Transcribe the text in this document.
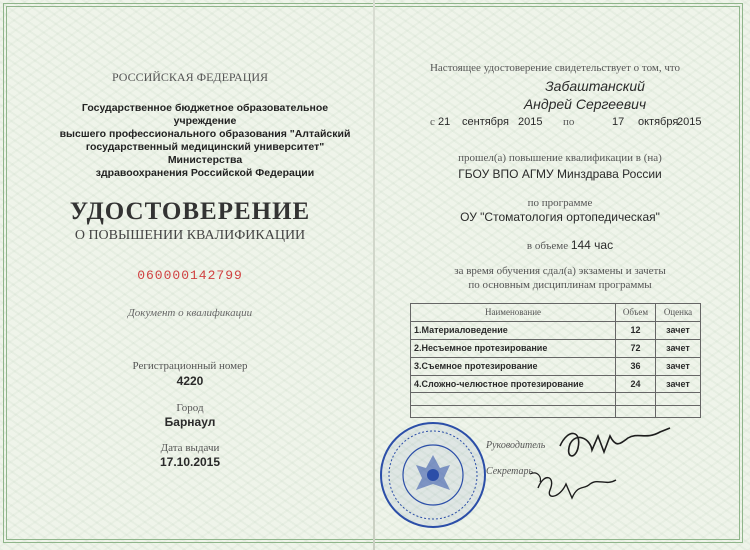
РОССИЙСКАЯ ФЕДЕРАЦИЯ
Государственное бюджетное образовательное учреждение
высшего профессионального образования "Алтайский
государственный медицинский университет" Министерства
здравоохранения Российской Федерации
УДОСТОВЕРЕНИЕ
О ПОВЫШЕНИИ КВАЛИФИКАЦИИ
060000142799
Документ о квалификации
Регистрационный номер
4220
Город
Барнаул
Дата выдачи
17.10.2015
Настоящее удостоверение свидетельствует о том, что
Забаштанский
Андрей Сергеевич
с 21 сентября 2015 по	17 октября
2015
прошел(а) повышение квалификации в (на)
ГБОУ ВПО АГМУ Минздрава России
по программе
ОУ "Стоматология ортопедическая"
в объеме 144 час
за время обучения сдал(а) экзамены и зачеты
по основным дисциплинам программы
Наименование	Объем	Оценка
1.Материаловедение	12	зачет
2.Несъемное протезирование	72	зачет
3.Съемное протезирование	36	зачет
4.Сложно-челюстное протезирование	24	зачет

Руководитель
Секретарь
